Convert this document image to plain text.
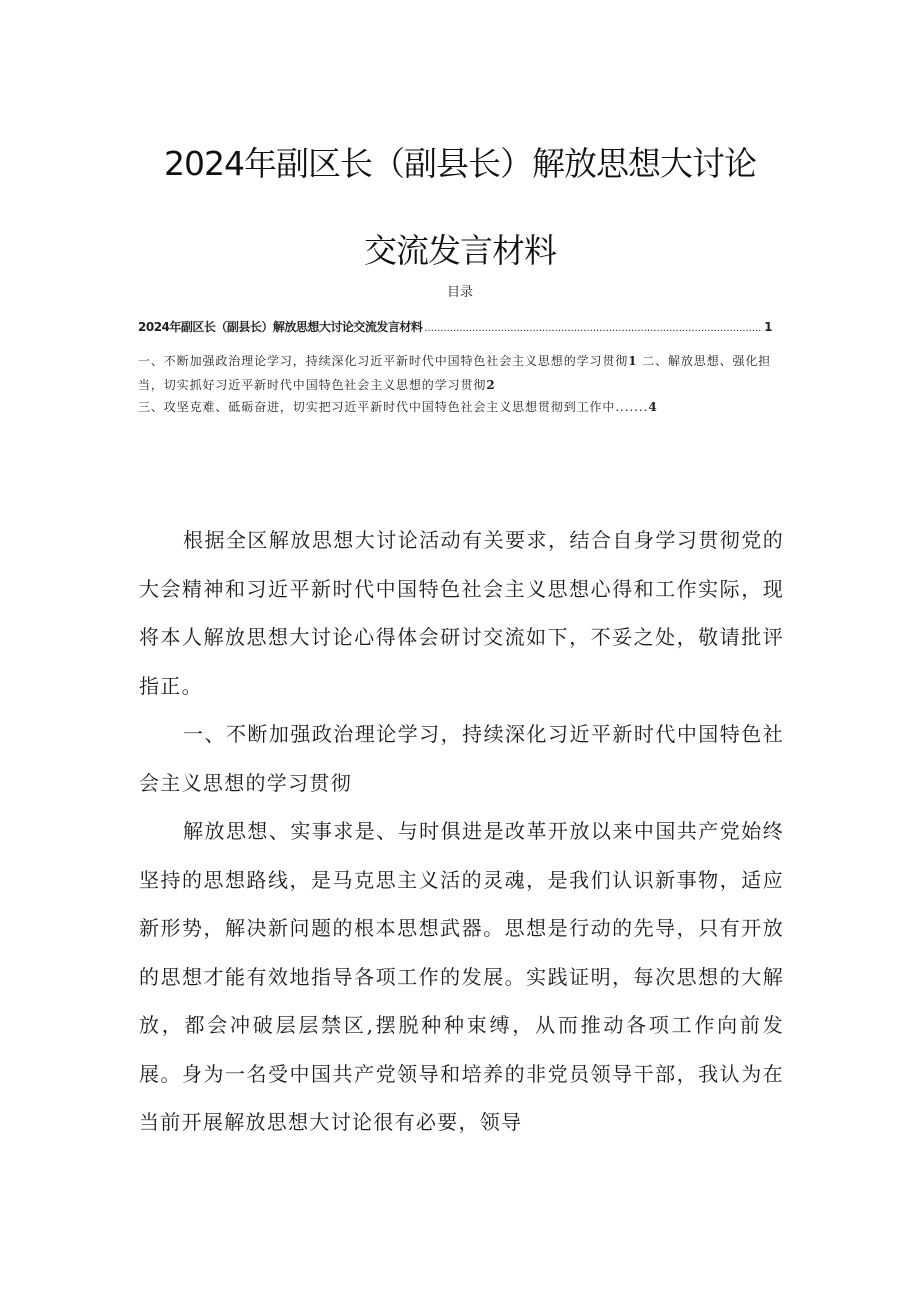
2024年副区长（副县长）解放思想大讨论
交流发言材料
目录
2024年副区长（副县长）解放思想大讨论交流发言材料
.....	1
一、不断加强政治理论学习，持续深化习近平新时代中国特色社会主义思想的学习贯彻1 二、解放思想、强化担当，切实抓好习近平新时代中国特色社会主义思想的学习贯彻2
三、攻坚克难、砥砺奋进，切实把习近平新时代中国特色社会主义思想贯彻到工作中.......4

根据全区解放思想大讨论活动有关要求，结合自身学习贯彻党的大会精神和习近平新时代中国特色社会主义思想心得和工作实际，现将本人解放思想大讨论心得体会研讨交流如下，不妥之处，敬请批评指正。

一、不断加强政治理论学习，持续深化习近平新时代中国特色社会主义思想的学习贯彻

解放思想、实事求是、与时俱进是改革开放以来中国共产党始终坚持的思想路线，是马克思主义活的灵魂，是我们认识新事物，适应新形势，解决新问题的根本思想武器。思想是行动的先导，只有开放的思想才能有效地指导各项工作的发展。实践证明，每次思想的大解放，都会冲破层层禁区,摆脱种种束缚，从而推动各项工作向前发展。身为一名受中国共产党领导和培养的非党员领导干部，我认为在当前开展解放思想大讨论很有必要，领导
